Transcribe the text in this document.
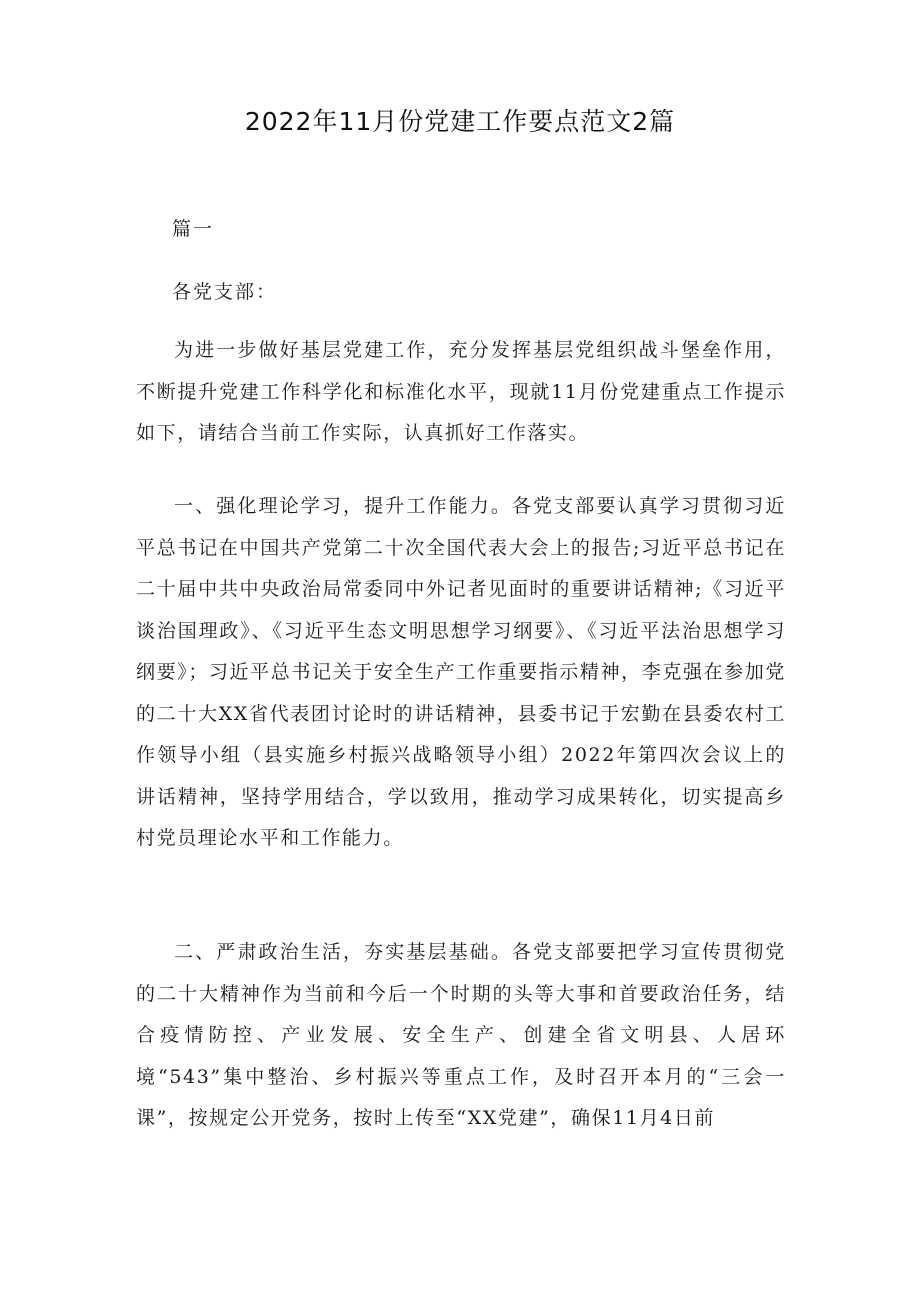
2022年11月份党建工作要点范文2篇
篇一
各党支部：

为进一步做好基层党建工作，充分发挥基层党组织战斗堡垒作用，不断提升党建工作科学化和标准化水平，现就11月份党建重点工作提示如下，请结合当前工作实际，认真抓好工作落实。

一、强化理论学习，提升工作能力。各党支部要认真学习贯彻习近平总书记在中国共产党第二十次全国代表大会上的报告;习近平总书记在二十届中共中央政治局常委同中外记者见面时的重要讲话精神;《习近平谈治国理政》、《习近平生态文明思想学习纲要》、《习近平法治思想学习纲要》；习近平总书记关于安全生产工作重要指示精神，李克强在参加党的二十大XX省代表团讨论时的讲话精神，县委书记于宏勤在县委农村工作领导小组（县实施乡村振兴战略领导小组）2022年第四次会议上的讲话精神，坚持学用结合，学以致用，推动学习成果转化，切实提高乡村党员理论水平和工作能力。

二、严肃政治生活，夯实基层基础。各党支部要把学习宣传贯彻党的二十大精神作为当前和今后一个时期的头等大事和首要政治任务，结合疫情防控、产业发展、安全生产、创建全省文明县、人居环境“543”集中整治、乡村振兴等重点工作，及时召开本月的“三会一课”，按规定公开党务，按时上传至“XX党建”，确保11月4日前
